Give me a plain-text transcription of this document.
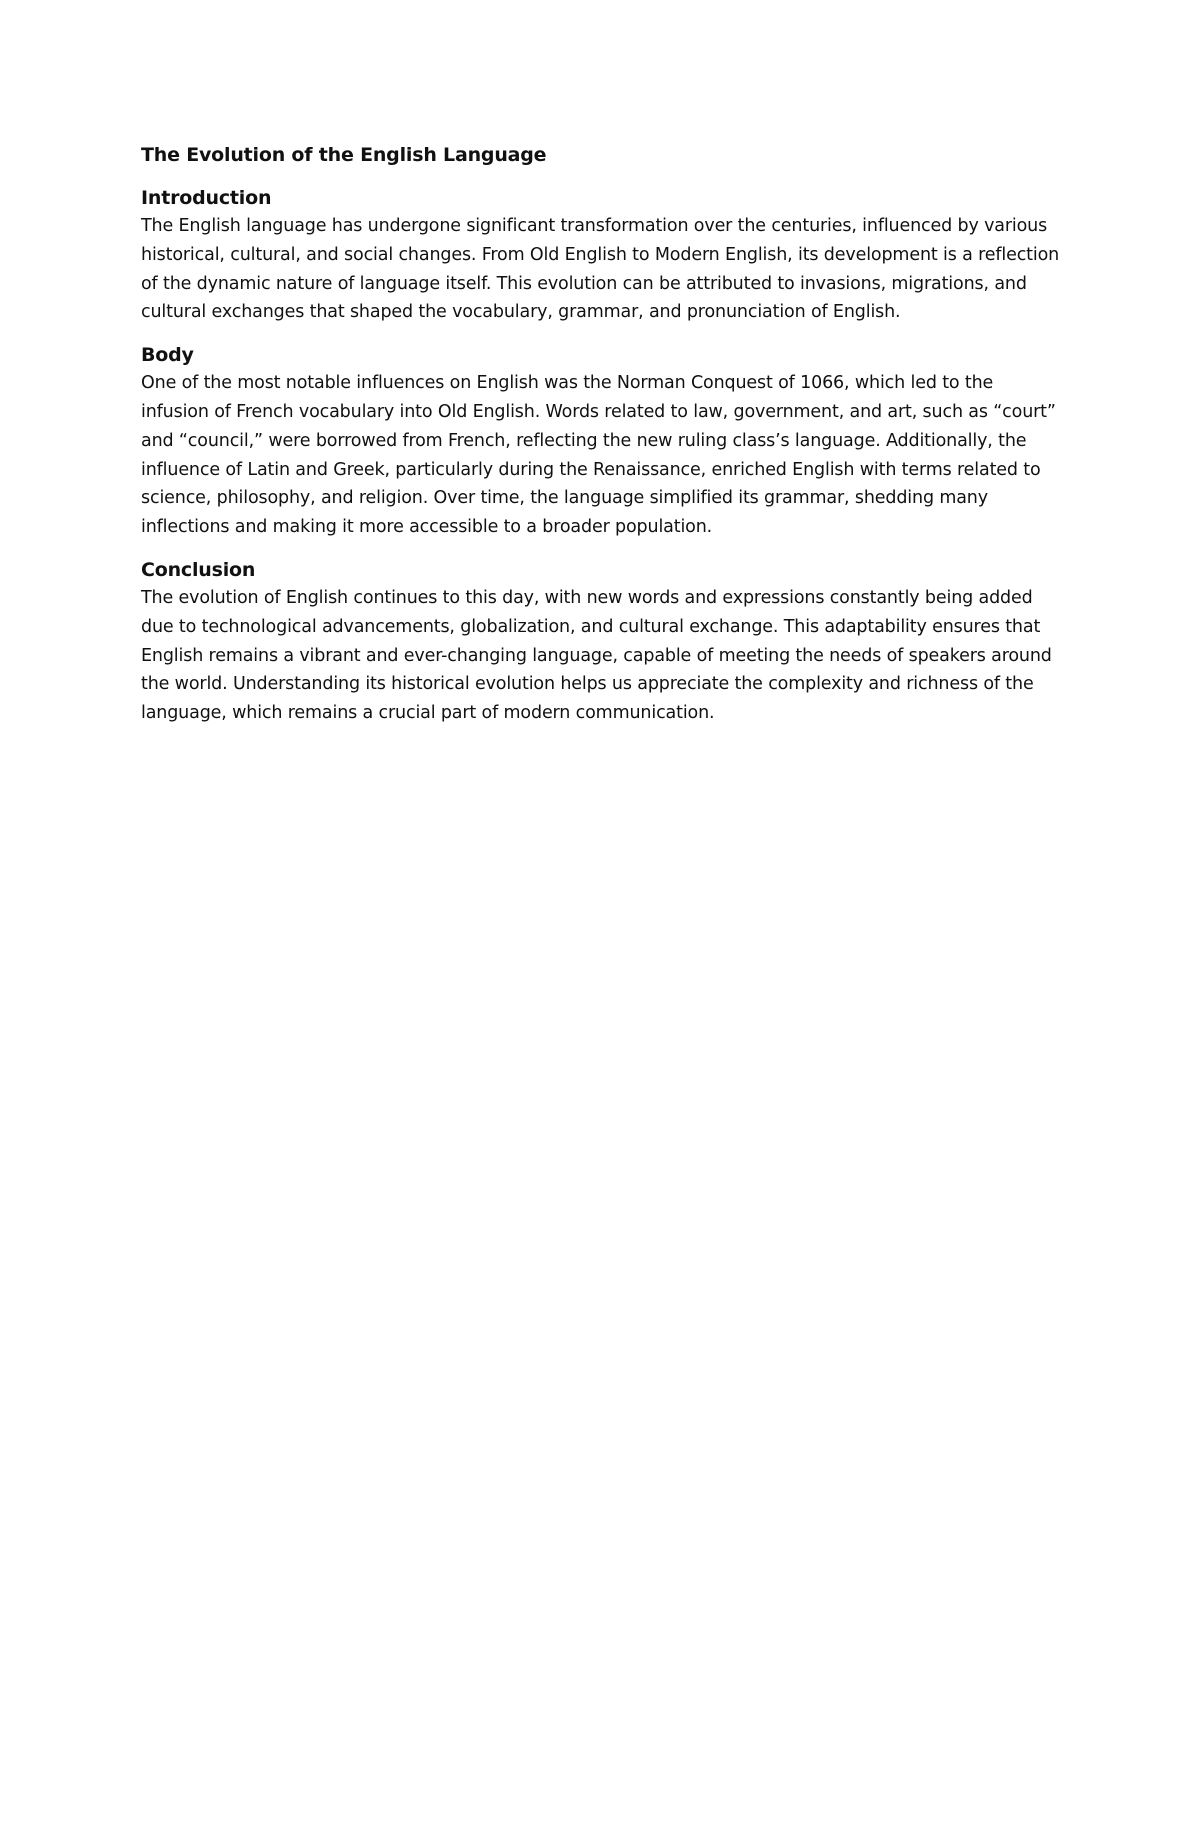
The Evolution of the English Language
Introduction

The English language has undergone significant transformation over the centuries, influenced by various historical, cultural, and social changes. From Old English to Modern English, its development is a reflection of the dynamic nature of language itself. This evolution can be attributed to invasions, migrations, and cultural exchanges that shaped the vocabulary, grammar, and pronunciation of English.

Body

One of the most notable influences on English was the Norman Conquest of 1066, which led to the infusion of French vocabulary into Old English. Words related to law, government, and art, such as “court” and “council,” were borrowed from French, reflecting the new ruling class’s language. Additionally, the influence of Latin and Greek, particularly during the Renaissance, enriched English with terms related to science, philosophy, and religion. Over time, the language simplified its grammar, shedding many inflections and making it more accessible to a broader population.

Conclusion

The evolution of English continues to this day, with new words and expressions constantly being added due to technological advancements, globalization, and cultural exchange. This adaptability ensures that English remains a vibrant and ever-changing language, capable of meeting the needs of speakers around the world. Understanding its historical evolution helps us appreciate the complexity and richness of the language, which remains a crucial part of modern communication.
